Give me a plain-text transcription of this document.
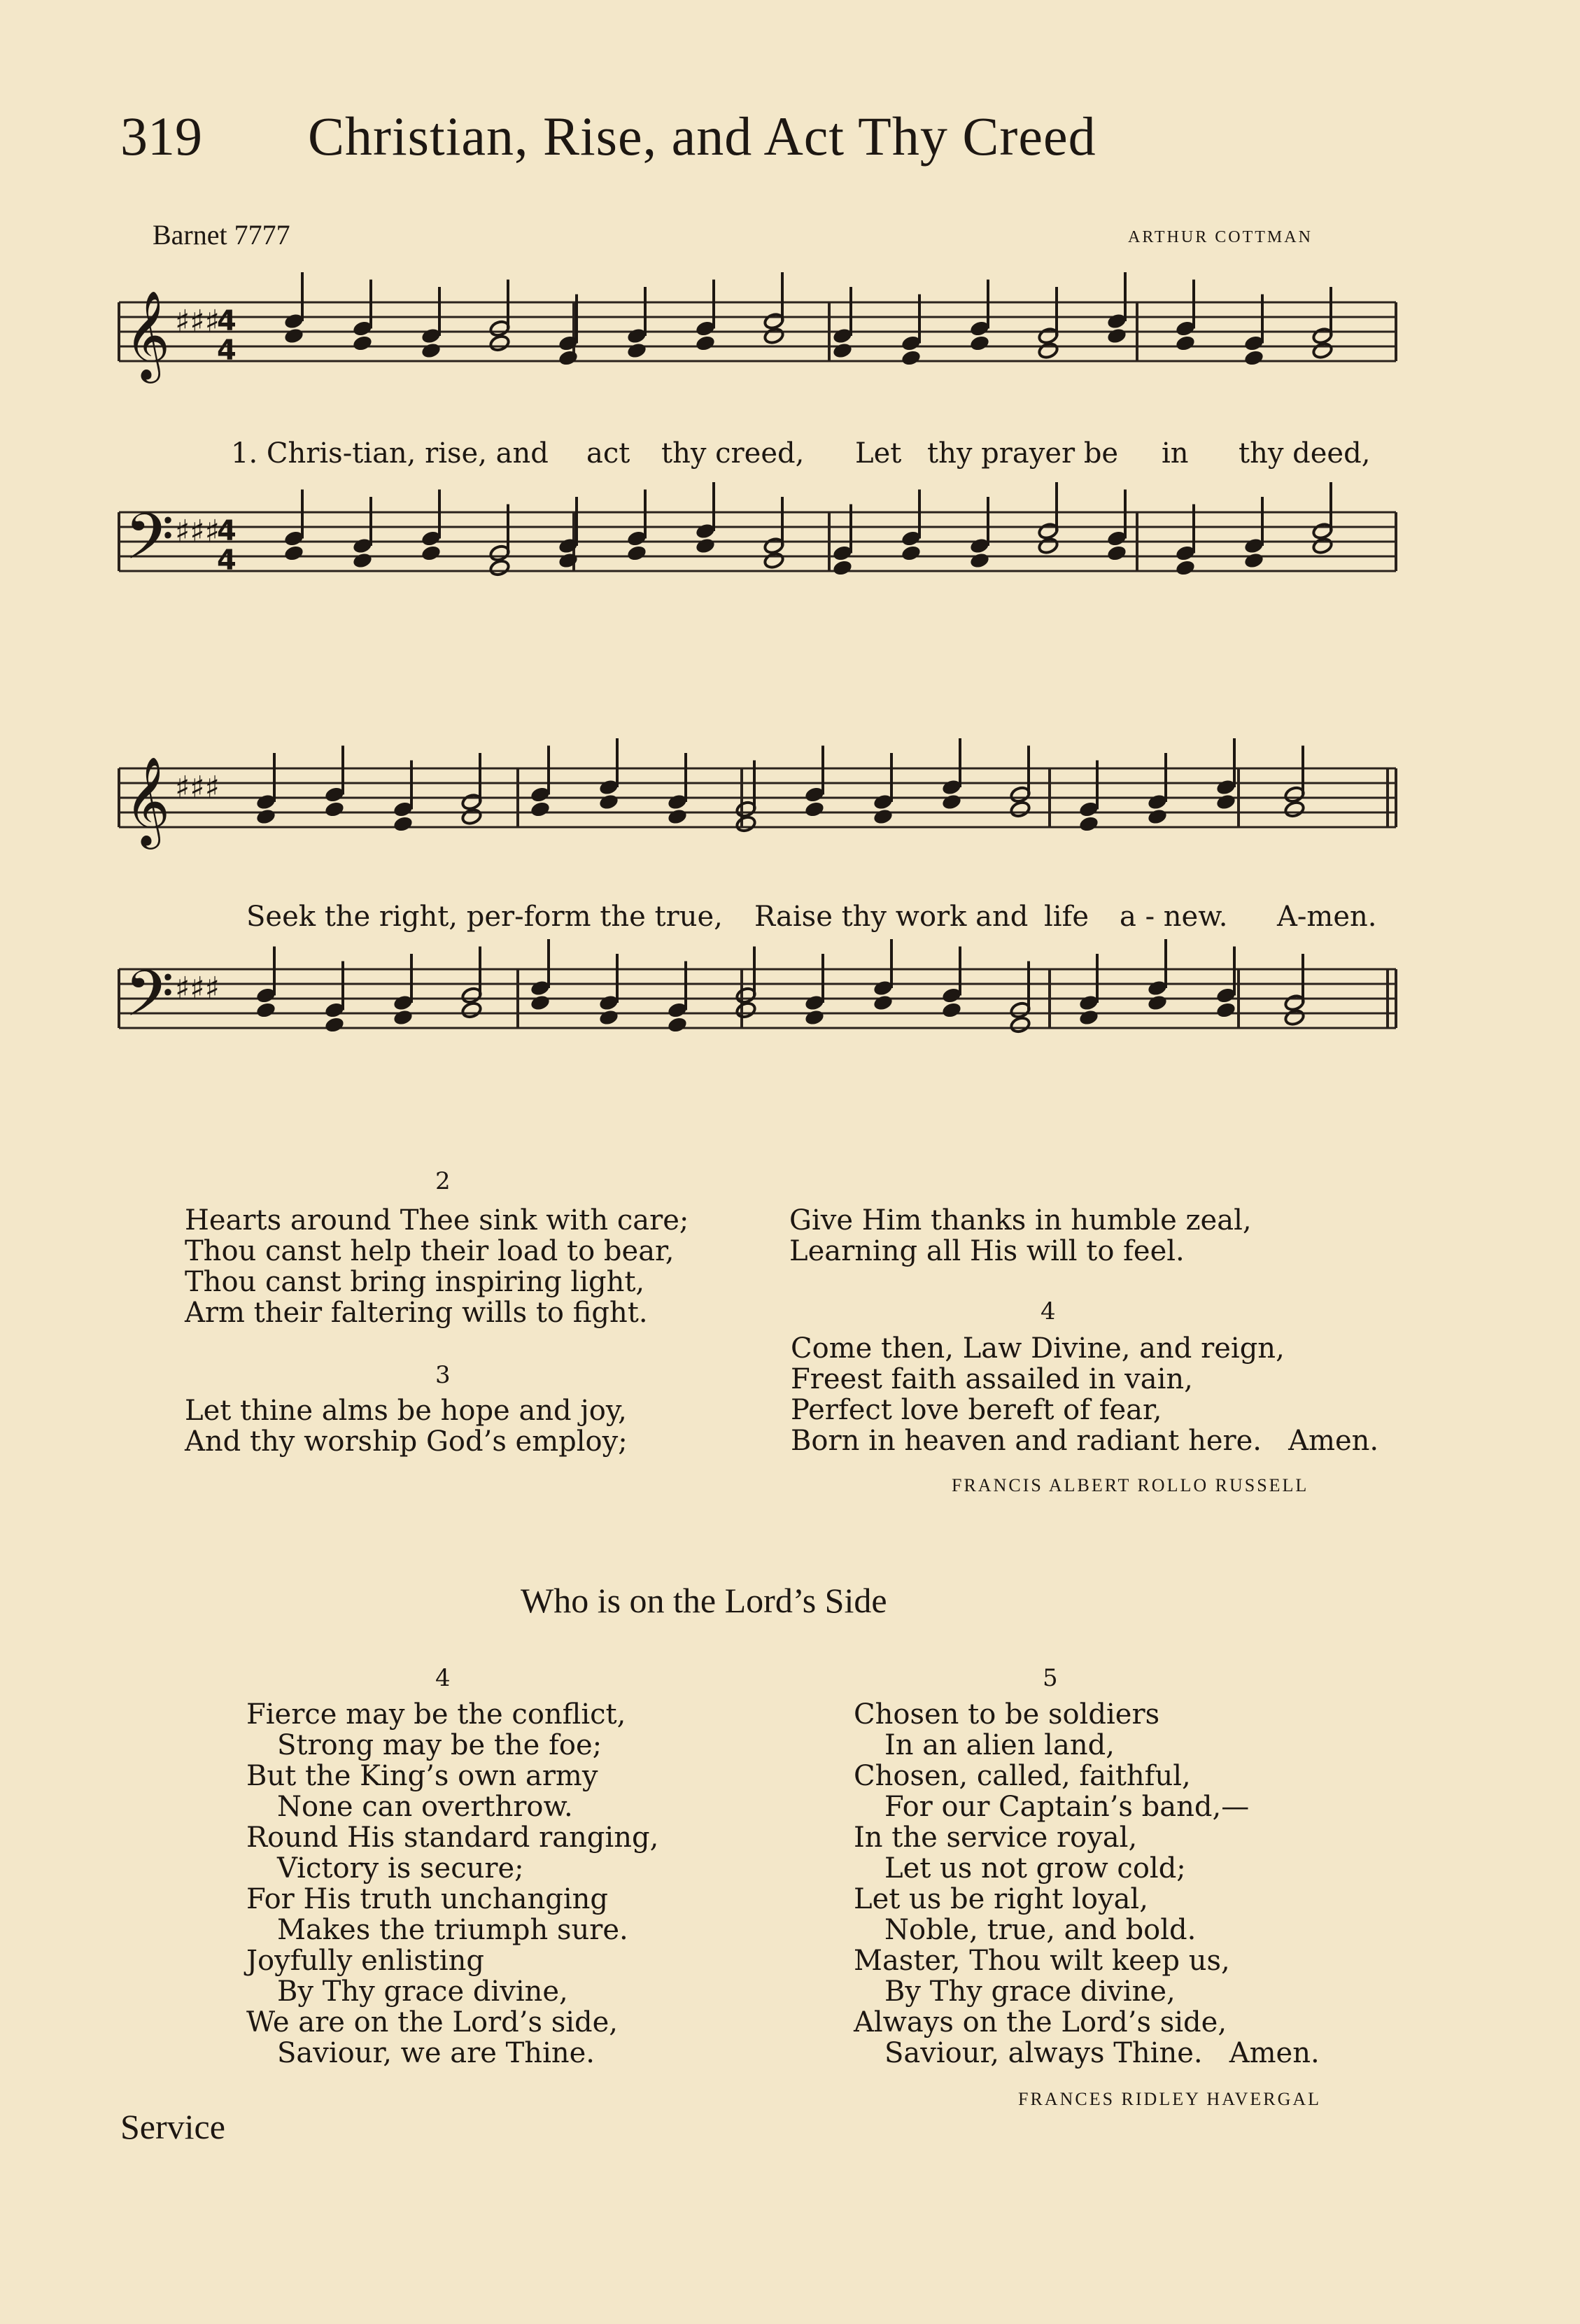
319 Christian, Rise, and Act Thy Creed
Barnet 7777	ARTHUR COTTMAN
𝄞 ♯♯♯
4
4
𝄢 ♯♯♯
4
4
𝄞 ♯♯♯
𝄢 ♯♯♯
1. Chris-tian, rise, and act thy creed, Let thy prayer be in thy deed,
Seek the right, per-form the true, Raise thy work and life a - new. A-men.
2
Hearts around Thee sink with care;
Thou canst help their load to bear,
Thou canst bring inspiring light,
Arm their faltering wills to fight.
3
Let thine alms be hope and joy,
And thy worship God’s employ;
Give Him thanks in humble zeal,
Learning all His will to feel.
4
Come then, Law Divine, and reign,
Freest faith assailed in vain,
Perfect love bereft of fear,
Born in heaven and radiant here.   Amen.
FRANCIS ALBERT ROLLO RUSSELL
Who is on the Lord’s Side
4
Fierce may be the conflict,
Strong may be the foe;
But the King’s own army
None can overthrow.
Round His standard ranging,
Victory is secure;
For His truth unchanging
Makes the triumph sure.
Joyfully enlisting
By Thy grace divine,
We are on the Lord’s side,
Saviour, we are Thine.
5
Chosen to be soldiers
In an alien land,
Chosen, called, faithful,
For our Captain’s band,—
In the service royal,
Let us not grow cold;
Let us be right loyal,
Noble, true, and bold.
Master, Thou wilt keep us,
By Thy grace divine,
Always on the Lord’s side,
Saviour, always Thine.   Amen.
FRANCES RIDLEY HAVERGAL
Service
